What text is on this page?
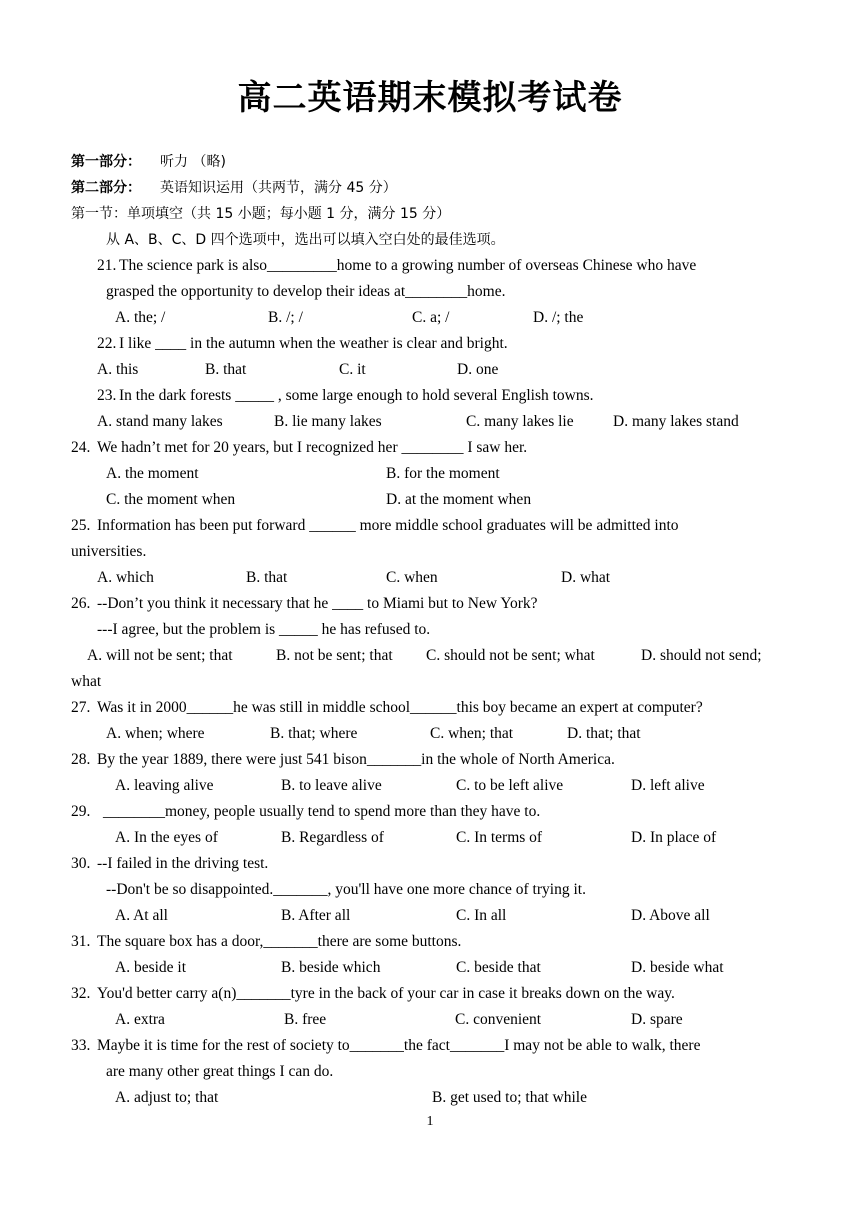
高二英语期末模拟考试卷
第一部分： 听力 （略)
第二部分： 英语知识运用（共两节，满分 45 分）
第一节：单项填空（共 15 小题；每小题 1 分，满分 15 分）
从 A、B、C、D 四个选项中，选出可以填入空白处的最佳选项。
21. The science park is also_________home to a growing number of overseas Chinese who have
grasped the opportunity to develop their ideas at________home.
A. the; /	B. /; /	C. a; /	D. /; the
22. I like ____ in the autumn when the weather is clear and bright.
A. this	B. that	C. it	D. one
23. In the dark forests _____ , some large enough to hold several English towns.
A. stand many lakes	B. lie many lakes	C. many lakes lie	D. many lakes stand
24. We hadn’t met for 20 years, but I recognized her ________ I saw her.
A. the moment	B. for the moment
C. the moment when	D. at the moment when
25. Information has been put forward ______ more middle school graduates will be admitted into
universities.
A. which	B. that	C. when	D. what
26. --Don’t you think it necessary that he ____ to Miami but to New York?
---I agree, but the problem is _____ he has refused to.
A. will not be sent; that	B. not be sent; that C. should not be sent; what	D. should not send;
what
27. Was it in 2000______he was still in middle school______this boy became an expert at computer?
A. when; where	B. that; where	C. when; that	D. that; that
28. By the year 1889, there were just 541 bison_______in the whole of North America.
A. leaving alive	B. to leave alive	C. to be left alive	D. left alive
29. ________money, people usually tend to spend more than they have to.
A. In the eyes of	B. Regardless of	C. In terms of	D. In place of
30. --I failed in the driving test.
--Don't be so disappointed._______, you'll have one more chance of trying it.
A. At all	B. After all	C. In all	D. Above all
31. The square box has a door,_______there are some buttons.
A. beside it	B. beside which	C. beside that	D. beside what
32. You'd better carry a(n)_______tyre in the back of your car in case it breaks down on the way.
A. extra	B. free	C. convenient	D. spare
33. Maybe it is time for the rest of society to_______the fact_______I may not be able to walk, there
are many other great things I can do.
A. adjust to; that	B. get used to; that while
1
